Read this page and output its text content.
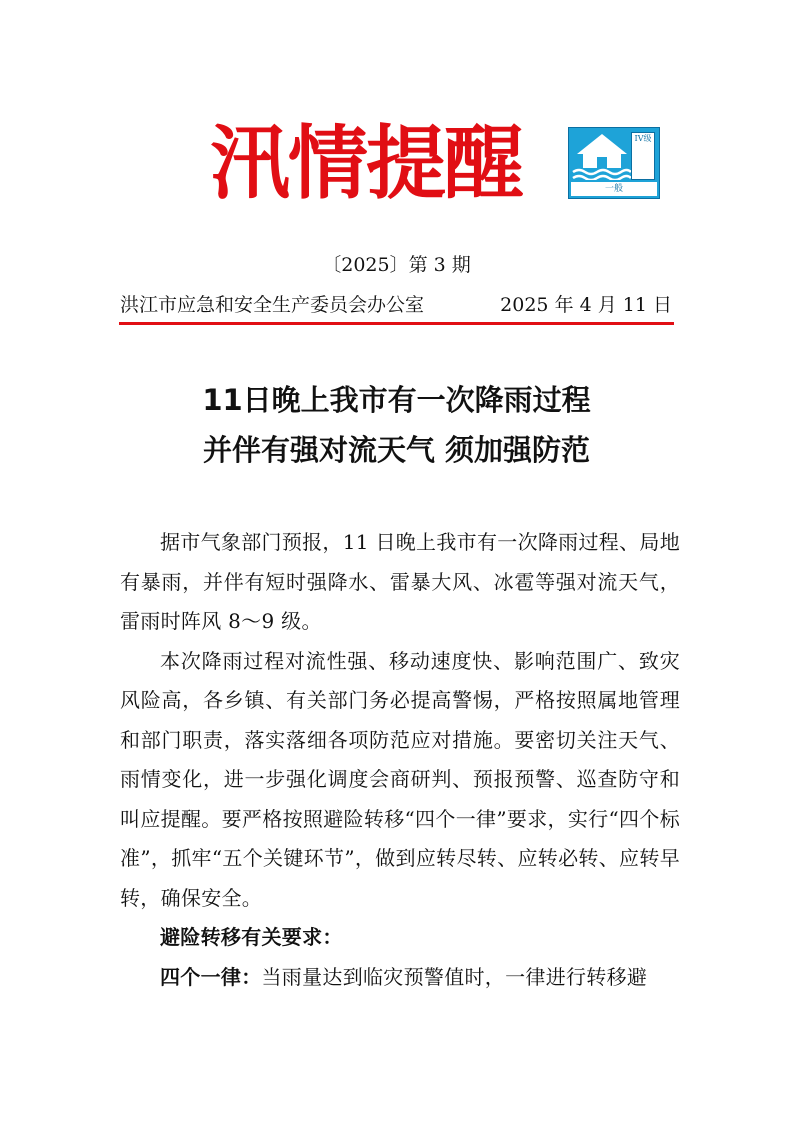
汛情提醒	IV级
一般
〔2025〕第 3 期
洪江市应急和安全生产委员会办公室	2025 年 4 月 11 日
11日晚上我市有一次降雨过程
并伴有强对流天气 须加强防范

据市气象部门预报，11 日晚上我市有一次降雨过程、局地有暴雨，并伴有短时强降水、雷暴大风、冰雹等强对流天气，雷雨时阵风 8～9 级。

本次降雨过程对流性强、移动速度快、影响范围广、致灾风险高，各乡镇、有关部门务必提高警惕，严格按照属地管理和部门职责，落实落细各项防范应对措施。要密切关注天气、雨情变化，进一步强化调度会商研判、预报预警、巡查防守和叫应提醒。要严格按照避险转移“四个一律”要求，实行“四个标准”，抓牢“五个关键环节”，做到应转尽转、应转必转、应转早转，确保安全。

避险转移有关要求：

四个一律：当雨量达到临灾预警值时，一律进行转移避
